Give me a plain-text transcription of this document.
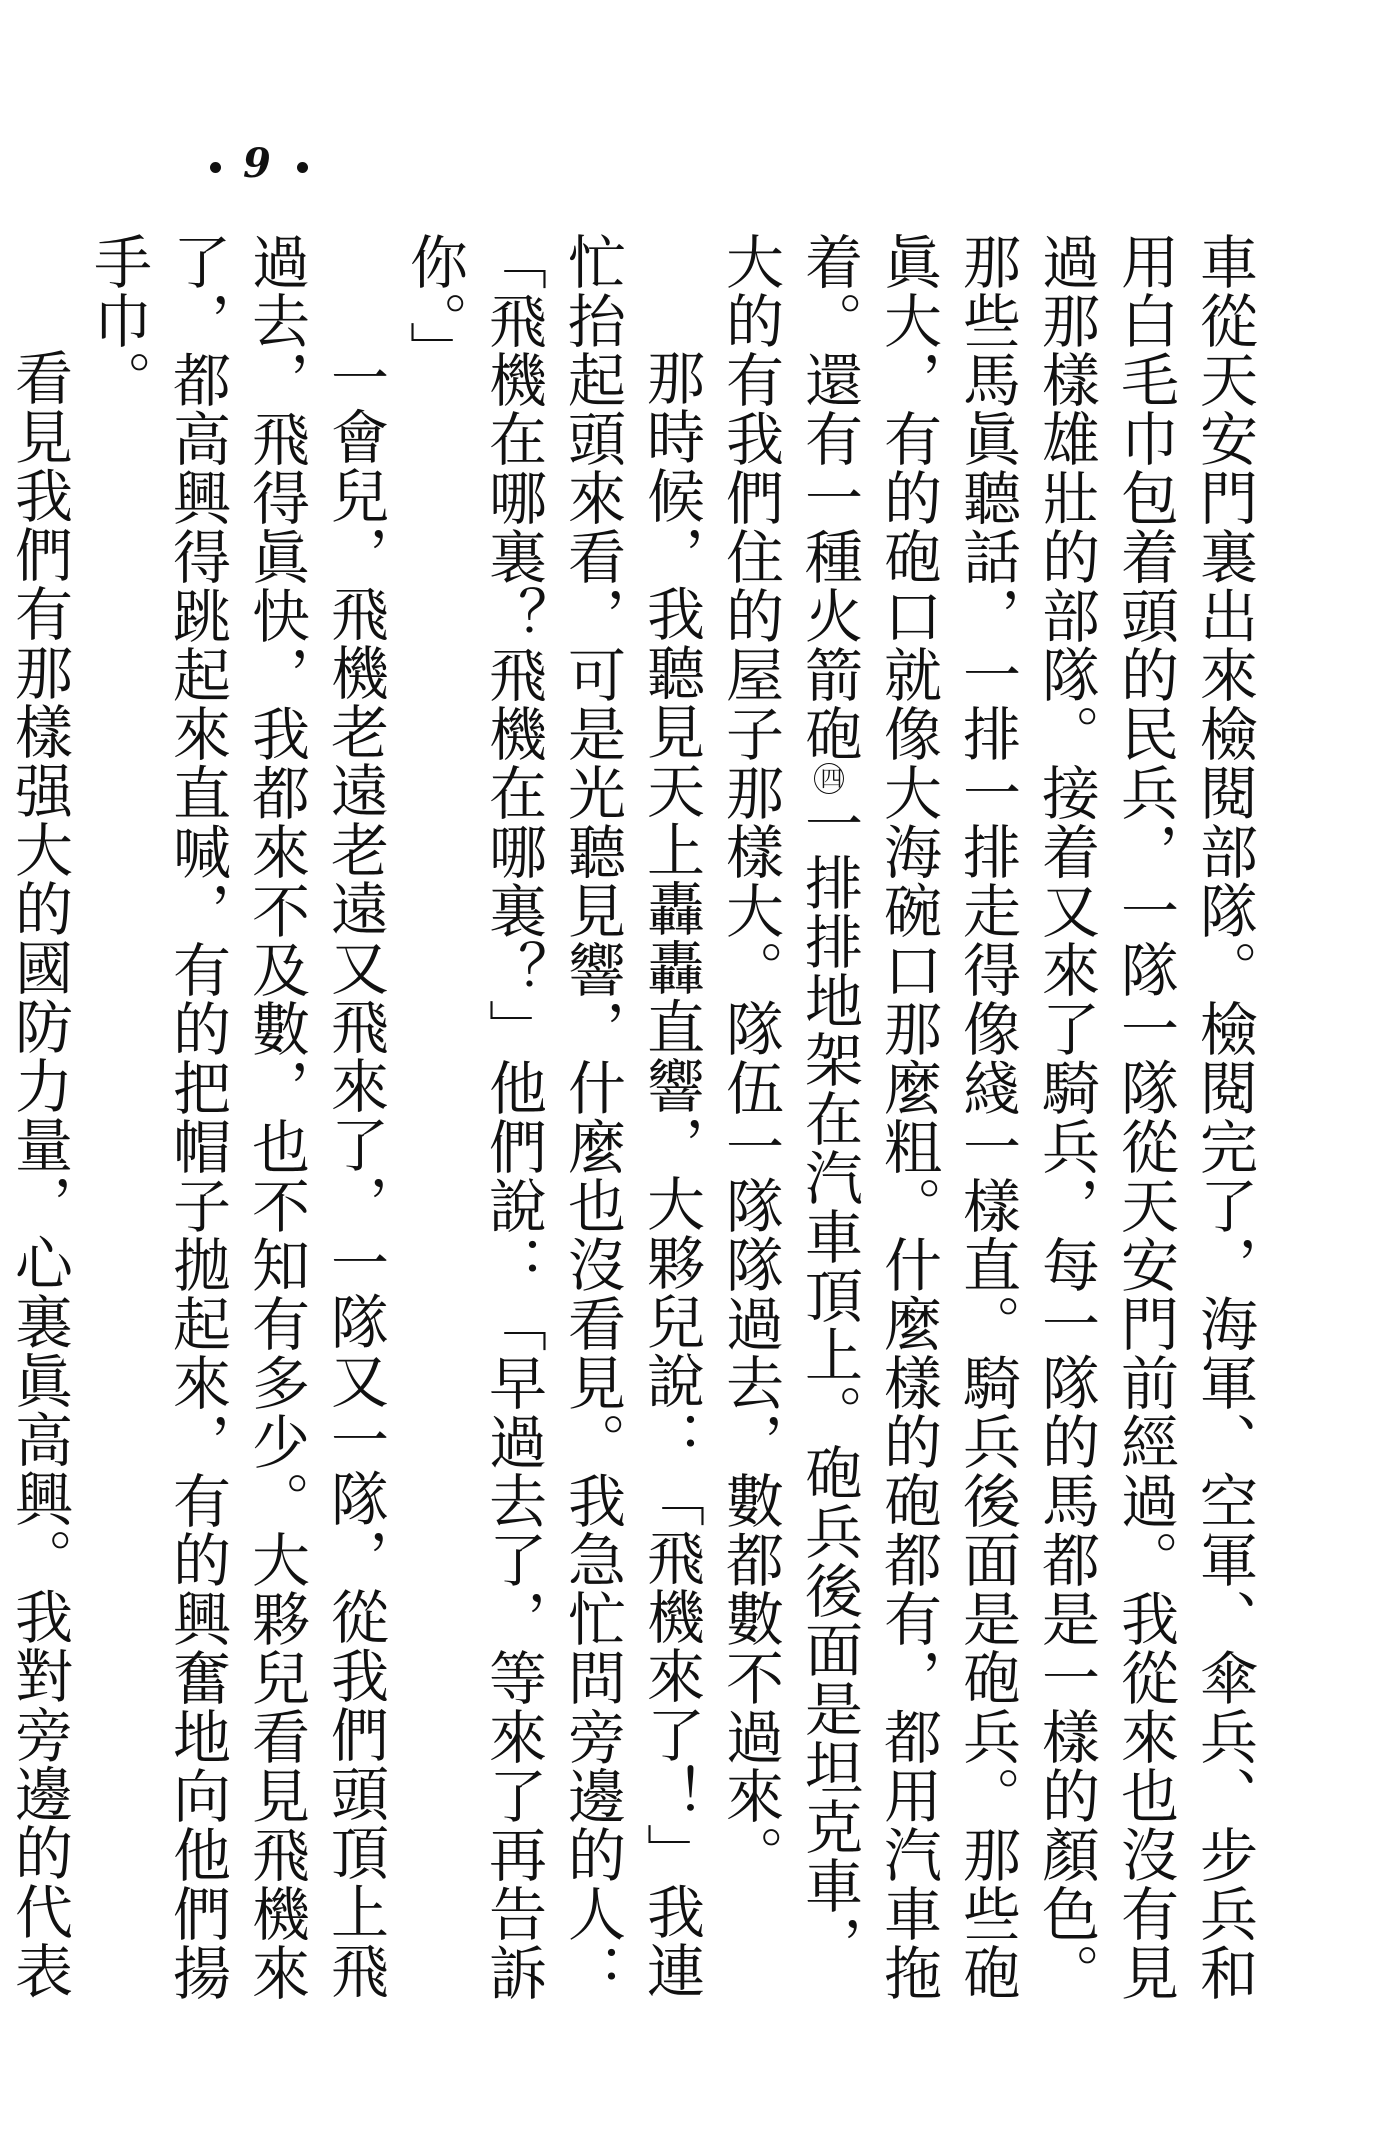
9

車從天安門裏出來檢閱部隊。檢閱完了，海軍、空軍、傘兵、步兵和用白毛巾包着頭的民兵，一隊一隊從天安門前經過。我從來也沒有見過那樣雄壯的部隊。接着又來了騎兵，每一隊的馬都是一樣的顏色。那些馬眞聽話，一排一排走得像綫一樣直。騎兵後面是砲兵。那些砲眞大，有的砲口就像大海碗口那麼粗。什麼樣的砲都有，都用汽車拖着。還有一種火箭砲四一排排地架在汽車頂上。砲兵後面是坦克車，大的有我們住的屋子那樣大。隊伍一隊隊過去，數都數不過來。

那時候，我聽見天上轟轟直響，大夥兒說：「飛機來了！」我連忙抬起頭來看，可是光聽見響，什麼也沒看見。我急忙問旁邊的人：「飛機在哪裏？飛機在哪裏？」他們說：「早過去了，等來了再告訴你。」

一會兒，飛機老遠老遠又飛來了，一隊又一隊，從我們頭頂上飛過去，飛得眞快，我都來不及數，也不知有多少。大夥兒看見飛機來了，都高興得跳起來直喊，有的把帽子拋起來，有的興奮地向他們揚手巾。

看見我們有那樣强大的國防力量，心裏眞高興。我對旁邊的代表
